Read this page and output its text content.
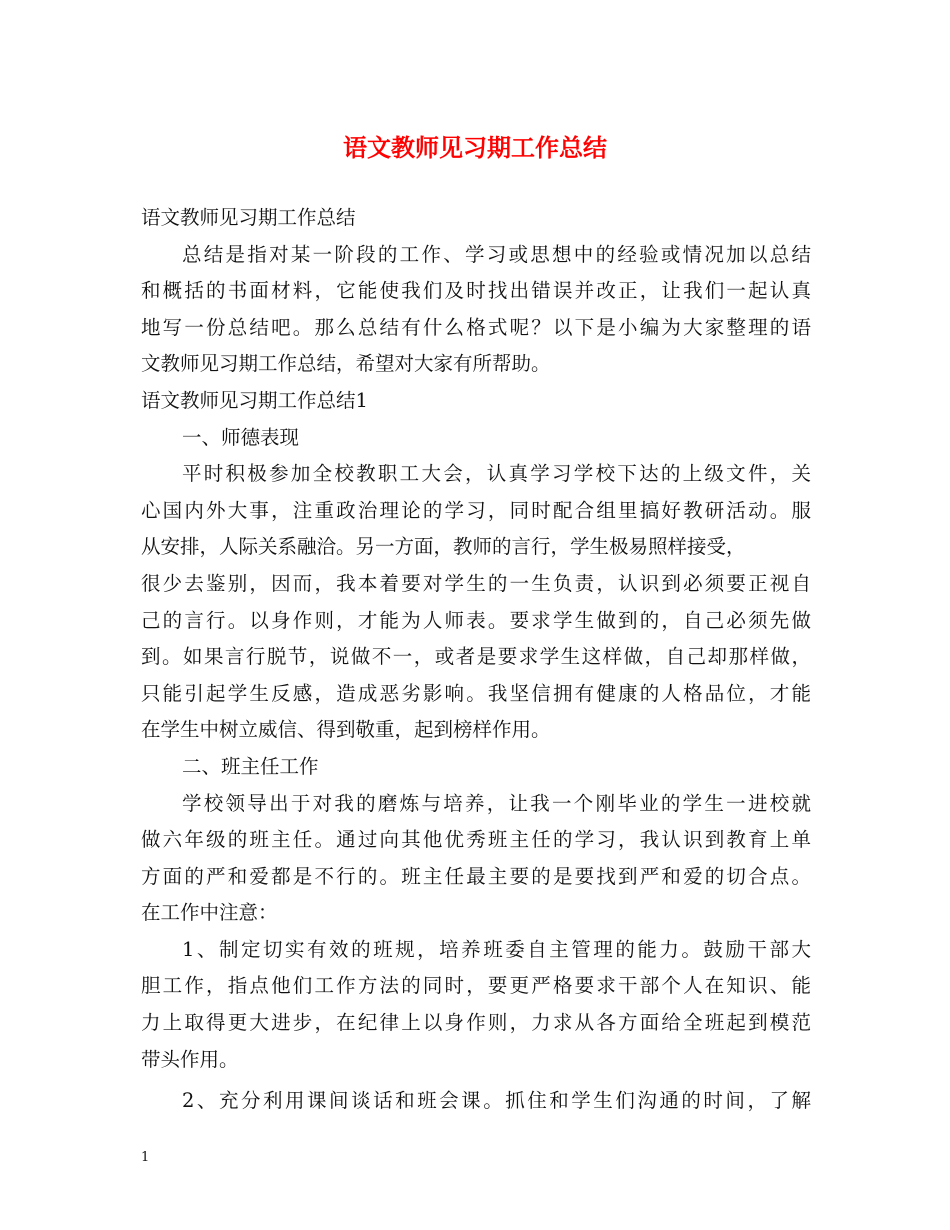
语文教师见习期工作总结
语文教师见习期工作总结
总结是指对某一阶段的工作、学习或思想中的经验或情况加以总结
和概括的书面材料，它能使我们及时找出错误并改正，让我们一起认真
地写一份总结吧。那么总结有什么格式呢？以下是小编为大家整理的语
文教师见习期工作总结，希望对大家有所帮助。
语文教师见习期工作总结1
一、师德表现
平时积极参加全校教职工大会，认真学习学校下达的上级文件，关
心国内外大事，注重政治理论的学习，同时配合组里搞好教研活动。服
从安排，人际关系融洽。另一方面，教师的言行，学生极易照样接受，
很少去鉴别，因而，我本着要对学生的一生负责，认识到必须要正视自
己的言行。以身作则，才能为人师表。要求学生做到的，自己必须先做
到。如果言行脱节，说做不一，或者是要求学生这样做，自己却那样做，
只能引起学生反感，造成恶劣影响。我坚信拥有健康的人格品位，才能
在学生中树立威信、得到敬重，起到榜样作用。
二、班主任工作
学校领导出于对我的磨炼与培养，让我一个刚毕业的学生一进校就
做六年级的班主任。通过向其他优秀班主任的学习，我认识到教育上单
方面的严和爱都是不行的。班主任最主要的是要找到严和爱的切合点。
在工作中注意：
1、制定切实有效的班规，培养班委自主管理的能力。鼓励干部大
胆工作，指点他们工作方法的同时，要更严格要求干部个人在知识、能
力上取得更大进步，在纪律上以身作则，力求从各方面给全班起到模范
带头作用。
2、充分利用课间谈话和班会课。抓住和学生们沟通的时间，了解
1
